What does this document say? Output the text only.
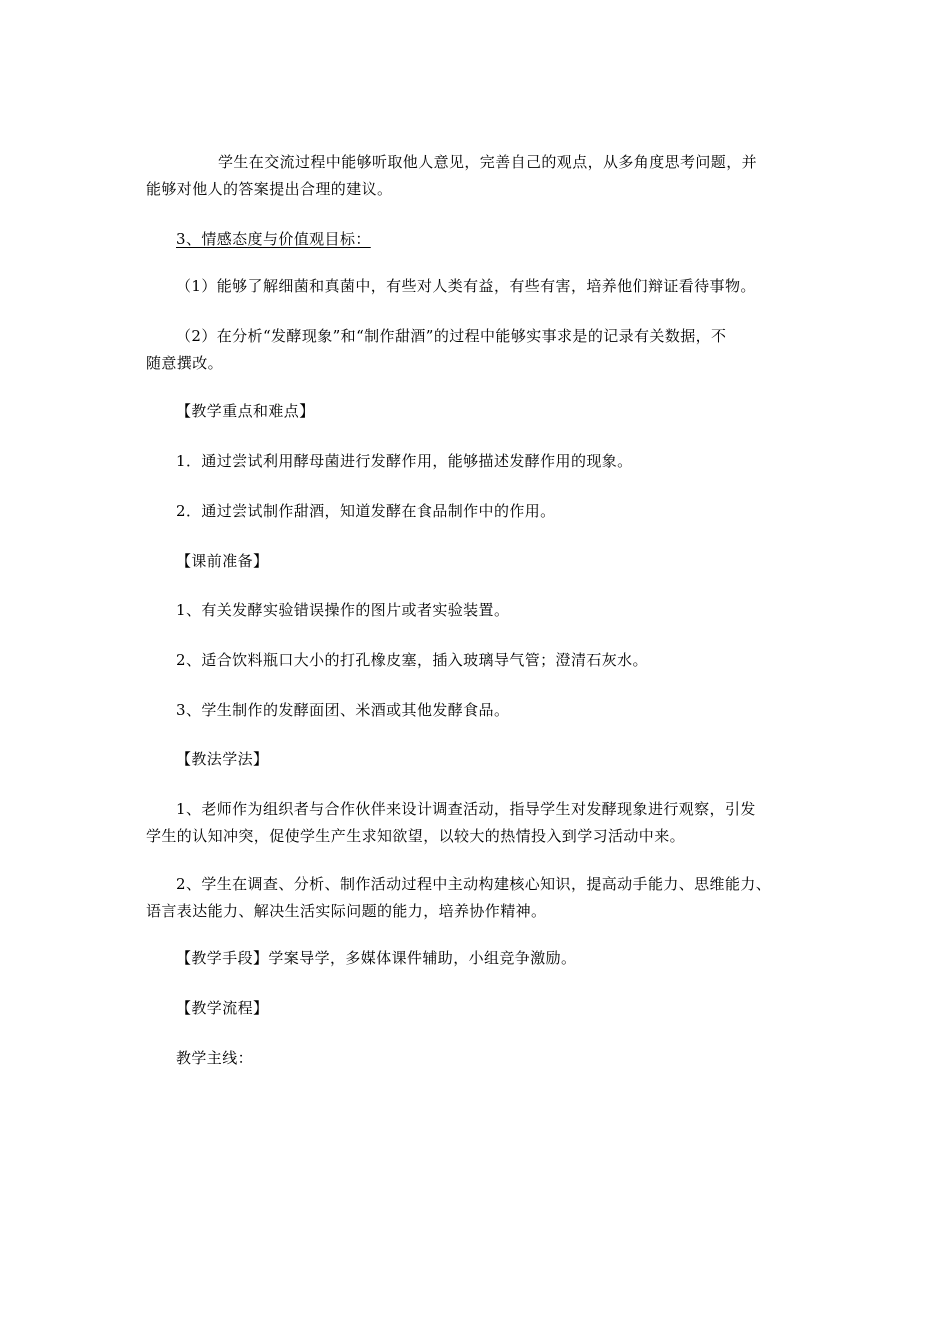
学生在交流过程中能够听取他人意见，完善自己的观点，从多角度思考问题，并
能够对他人的答案提出合理的建议。
3、情感态度与价值观目标：
（1）能够了解细菌和真菌中，有些对人类有益，有些有害，培养他们辩证看待事物。
（2）在分析“发酵现象”和“制作甜酒”的过程中能够实事求是的记录有关数据，不
随意撰改。
【教学重点和难点】
1．通过尝试利用酵母菌进行发酵作用，能够描述发酵作用的现象。
2．通过尝试制作甜酒，知道发酵在食品制作中的作用。
【课前准备】
1、有关发酵实验错误操作的图片或者实验装置。
2、适合饮料瓶口大小的打孔橡皮塞，插入玻璃导气管；澄清石灰水。
3、学生制作的发酵面团、米酒或其他发酵食品。
【教法学法】
1、老师作为组织者与合作伙伴来设计调查活动，指导学生对发酵现象进行观察，引发
学生的认知冲突，促使学生产生求知欲望，以较大的热情投入到学习活动中来。
2、学生在调查、分析、制作活动过程中主动构建核心知识，提高动手能力、思维能力、
语言表达能力、解决生活实际问题的能力，培养协作精神。
【教学手段】学案导学，多媒体课件辅助，小组竞争激励。
【教学流程】
教学主线：
